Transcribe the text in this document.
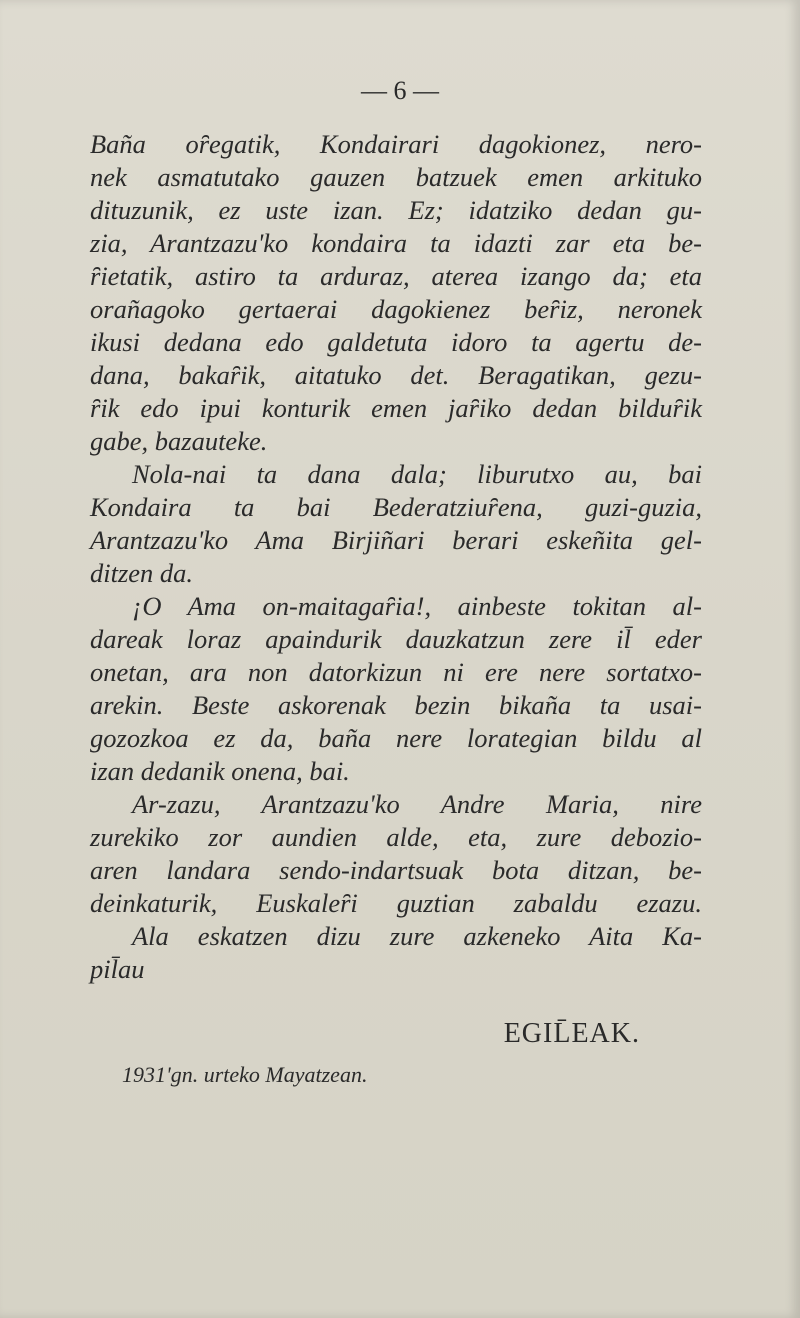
— 6 —
Baña oȓegatik, Kondairari dagokionez, nero-
nek asmatutako gauzen batzuek emen arkituko
dituzunik, ez uste izan. Ez; idatziko dedan gu-
zia, Arantzazu'ko kondaira ta idazti zar eta be-
ȓietatik, astiro ta arduraz, aterea izango da; eta
orañagoko gertaerai dagokienez beȓiz, neronek
ikusi dedana edo galdetuta idoro ta agertu de-
dana, bakaȓik, aitatuko det. Beragatikan, gezu-
ȓik edo ipui konturik emen jaȓiko dedan bilduȓik
gabe, bazauteke.
Nola-nai ta dana dala; liburutxo au, bai
Kondaira ta bai Bederatziuȓena, guzi-guzia,
Arantzazu'ko Ama Birjiñari berari eskeñita gel-
ditzen da.
¡O Ama on-maitagaȓia!, ainbeste tokitan al-
dareak loraz apaindurik dauzkatzun zere il̄ eder
onetan, ara non datorkizun ni ere nere sortatxo-
arekin. Beste askorenak bezin bikaña ta usai-
gozozkoa ez da, baña nere lorategian bildu al
izan dedanik onena, bai.
Ar-zazu, Arantzazu'ko Andre Maria, nire
zurekiko zor aundien alde, eta, zure debozio-
aren landara sendo-indartsuak bota ditzan, be-
deinkaturik, Euskaleȓi guztian zabaldu ezazu.
Ala eskatzen dizu zure azkeneko Aita Ka-
pil̄au
EGIL̄EAK.
1931'gn. urteko Mayatzean.
